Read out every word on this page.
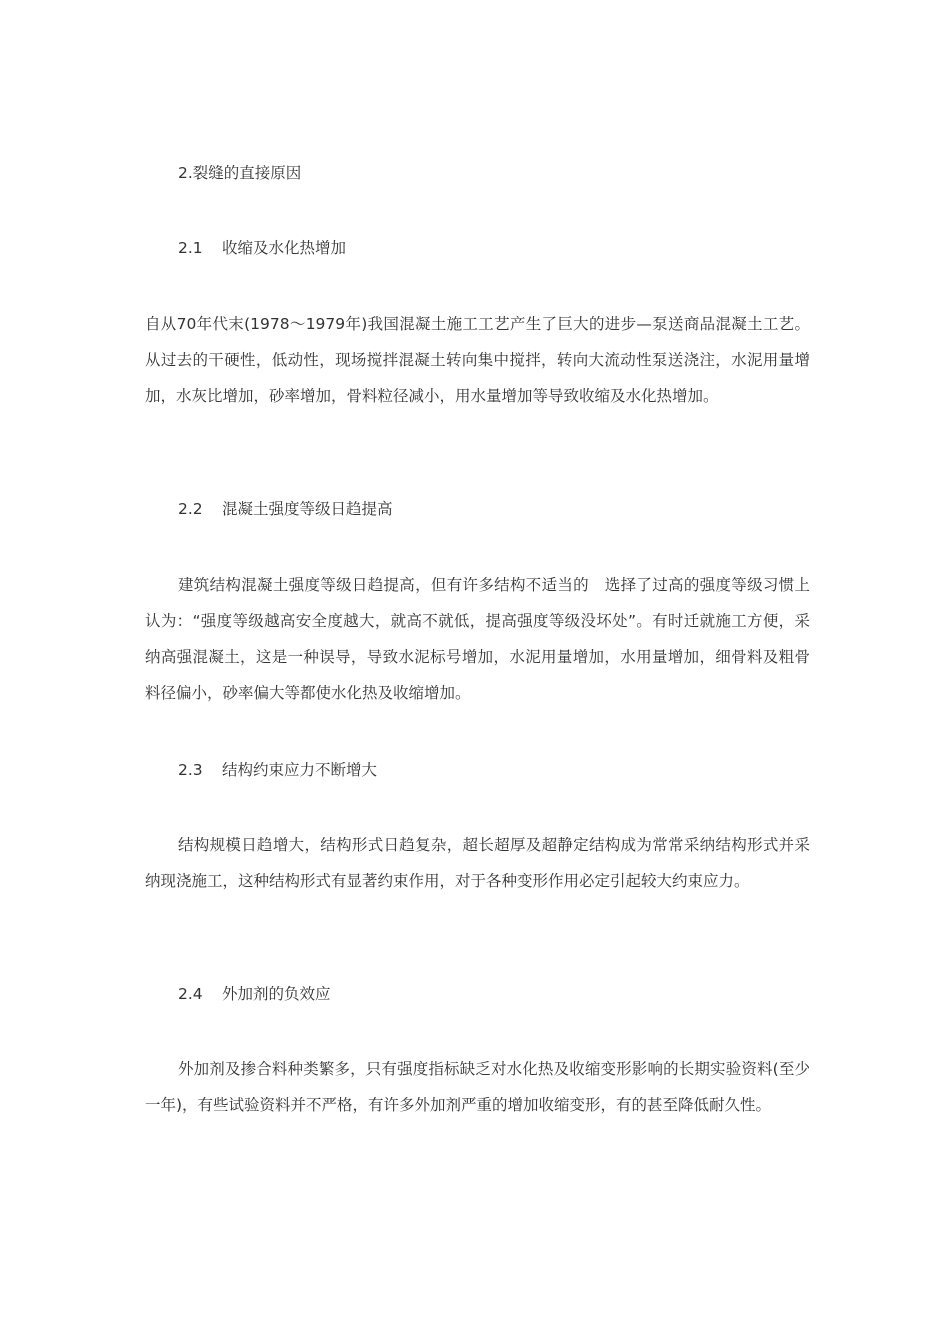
2.裂缝的直接原因

2.1 收缩及水化热增加

自从70年代末(1978～1979年)我国混凝土施工工艺产生了巨大的进步—泵送商品混凝土工艺。从过去的干硬性，低动性，现场搅拌混凝土转向集中搅拌，转向大流动性泵送浇注，水泥用量增加，水灰比增加，砂率增加，骨料粒径减小，用水量增加等导致收缩及水化热增加。

2.2 混凝土强度等级日趋提高

建筑结构混凝土强度等级日趋提高，但有许多结构不适当的　选择了过高的强度等级习惯上认为：“强度等级越高安全度越大，就高不就低，提高强度等级没坏处”。有时迁就施工方便，采纳高强混凝土，这是一种误导，导致水泥标号增加，水泥用量增加，水用量增加，细骨料及粗骨料径偏小，砂率偏大等都使水化热及收缩增加。

2.3 结构约束应力不断增大

结构规模日趋增大，结构形式日趋复杂，超长超厚及超静定结构成为常常采纳结构形式并采纳现浇施工，这种结构形式有显著约束作用，对于各种变形作用必定引起较大约束应力。

2.4 外加剂的负效应

外加剂及掺合料种类繁多，只有强度指标缺乏对水化热及收缩变形影响的长期实验资料(至少一年)，有些试验资料并不严格，有许多外加剂严重的增加收缩变形，有的甚至降低耐久性。
